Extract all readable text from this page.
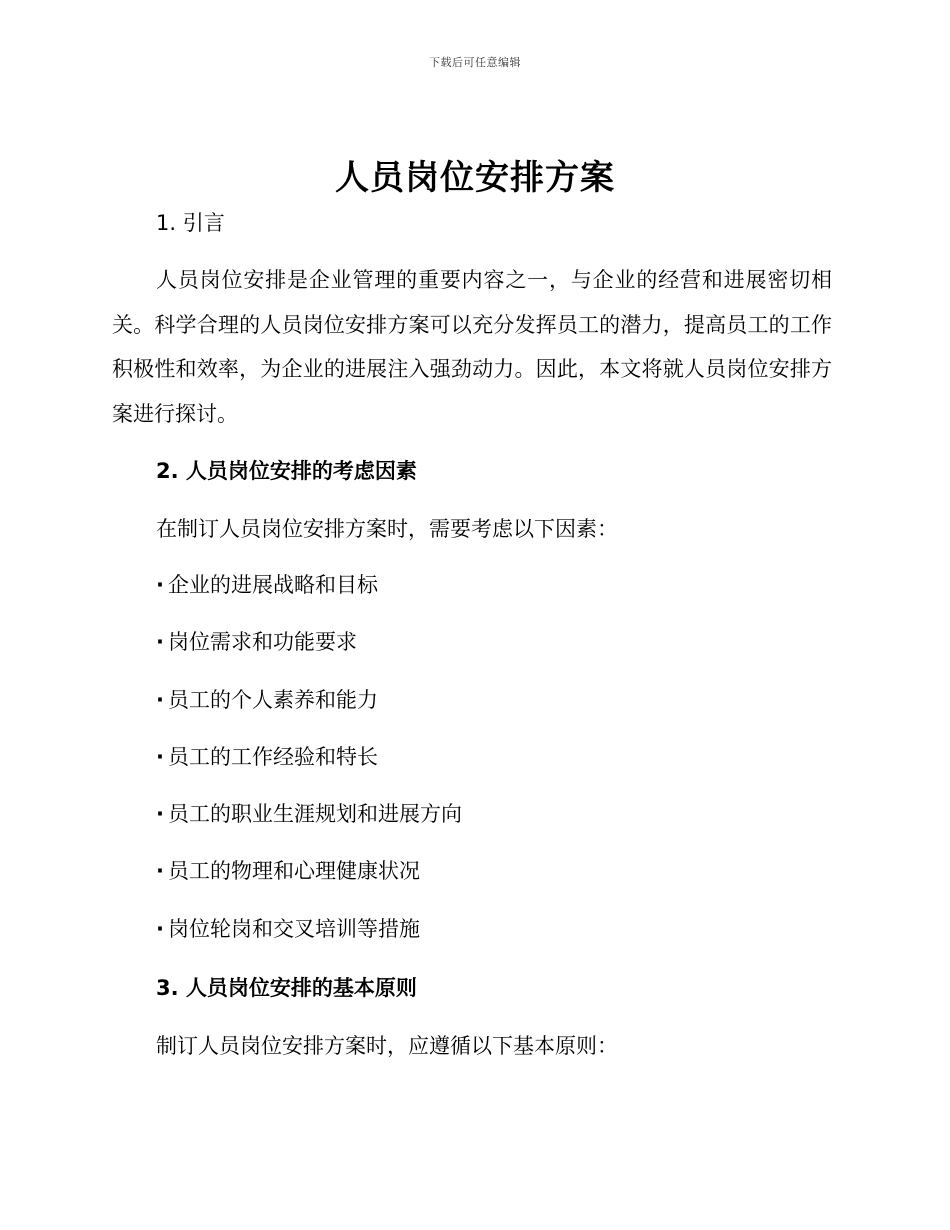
下载后可任意编辑
人员岗位安排方案
1. 引言
人员岗位安排是企业管理的重要内容之一，与企业的经营和进展密切相关。科学合理的人员岗位安排方案可以充分发挥员工的潜力，提高员工的工作积极性和效率，为企业的进展注入强劲动力。因此，本文将就人员岗位安排方案进行探讨。
2. 人员岗位安排的考虑因素
在制订人员岗位安排方案时，需要考虑以下因素：
· 企业的进展战略和目标
· 岗位需求和功能要求
· 员工的个人素养和能力
· 员工的工作经验和特长
· 员工的职业生涯规划和进展方向
· 员工的物理和心理健康状况
· 岗位轮岗和交叉培训等措施
3. 人员岗位安排的基本原则
制订人员岗位安排方案时，应遵循以下基本原则：
